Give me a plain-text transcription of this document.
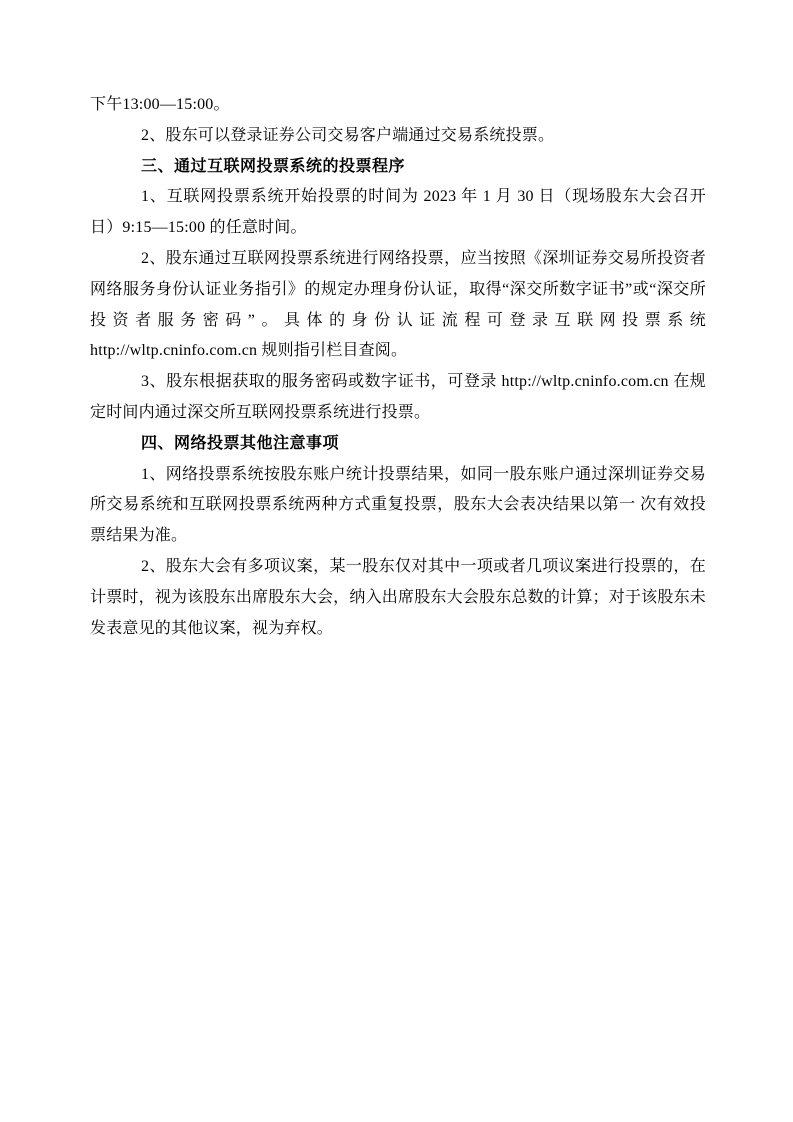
下午13:00—15:00。

2、股东可以登录证券公司交易客户端通过交易系统投票。

三、通过互联网投票系统的投票程序

1、互联网投票系统开始投票的时间为 2023 年 1 月 30 日（现场股东大会召开日）9:15—15:00 的任意时间。

2、股东通过互联网投票系统进行网络投票，应当按照《深圳证券交易所投资者网络服务身份认证业务指引》的规定办理身份认证，取得“深交所数字证书”或“深交所投资者服务密码”。具体的身份认证流程可登录互联网投票系统 http://wltp.cninfo.com.cn 规则指引栏目查阅。

3、股东根据获取的服务密码或数字证书，可登录 http://wltp.cninfo.com.cn 在规定时间内通过深交所互联网投票系统进行投票。

四、网络投票其他注意事项

1、网络投票系统按股东账户统计投票结果，如同一股东账户通过深圳证券交易所交易系统和互联网投票系统两种方式重复投票，股东大会表决结果以第一 次有效投票结果为准。

2、股东大会有多项议案，某一股东仅对其中一项或者几项议案进行投票的，在计票时，视为该股东出席股东大会，纳入出席股东大会股东总数的计算；对于该股东未发表意见的其他议案，视为弃权。
